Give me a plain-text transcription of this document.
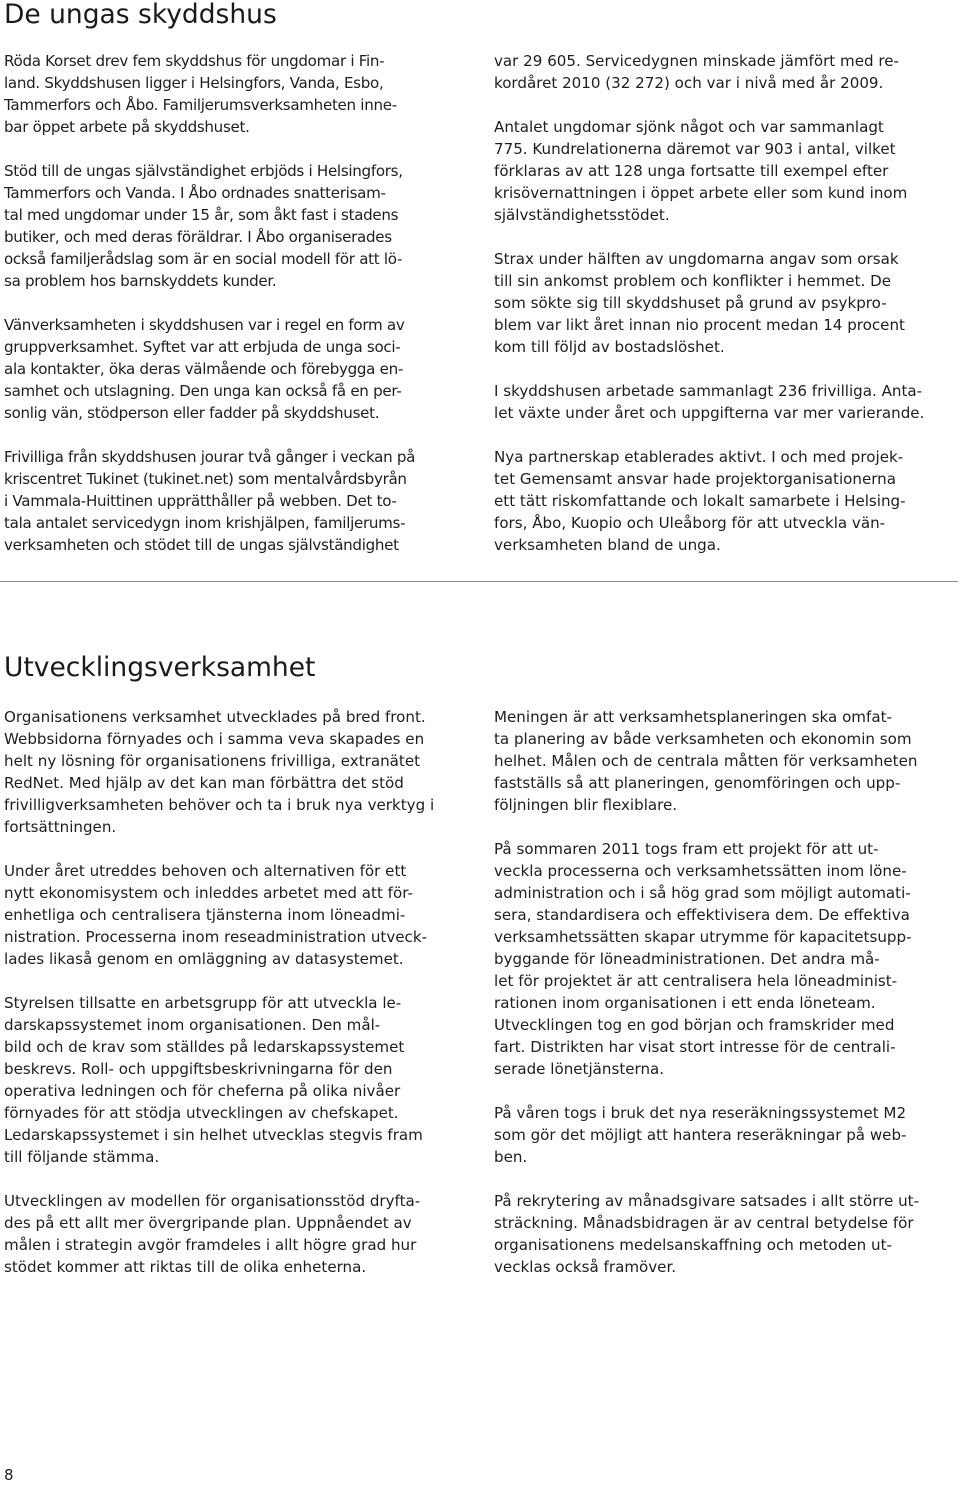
De ungas skyddshus

Röda Korset drev fem skyddshus för ungdomar i Fin-
land. Skyddshusen ligger i Helsingfors, Vanda, Esbo,
Tammerfors och Åbo. Familjerumsverksamheten inne-
bar öppet arbete på skyddshuset.

Stöd till de ungas självständighet erbjöds i Helsingfors,
Tammerfors och Vanda. I Åbo ordnades snatterisam-
tal med ungdomar under 15 år, som åkt fast i stadens
butiker, och med deras föräldrar. I Åbo organiserades
också familjerådslag som är en social modell för att lö-
sa problem hos barnskyddets kunder.

Vänverksamheten i skyddshusen var i regel en form av
gruppverksamhet. Syftet var att erbjuda de unga soci-
ala kontakter, öka deras välmående och förebygga en-
samhet och utslagning. Den unga kan också få en per-
sonlig vän, stödperson eller fadder på skyddshuset.

Frivilliga från skyddshusen jourar två gånger i veckan på
kriscentret Tukinet (tukinet.net) som mentalvårdsbyrån
i Vammala-Huittinen upprätthåller på webben. Det to-
tala antalet servicedygn inom krishjälpen, familjerums-
verksamheten och stödet till de ungas självständighet

var 29 605. Servicedygnen minskade jämfört med re-
kordåret 2010 (32 272) och var i nivå med år 2009.

Antalet ungdomar sjönk något och var sammanlagt
775. Kundrelationerna däremot var 903 i antal, vilket
förklaras av att 128 unga fortsatte till exempel efter
krisövernattningen i öppet arbete eller som kund inom
självständighetsstödet.

Strax under hälften av ungdomarna angav som orsak
till sin ankomst problem och konflikter i hemmet. De
som sökte sig till skyddshuset på grund av psykpro-
blem var likt året innan nio procent medan 14 procent
kom till följd av bostadslöshet.

I skyddshusen arbetade sammanlagt 236 frivilliga. Anta-
let växte under året och uppgifterna var mer varierande.

Nya partnerskap etablerades aktivt. I och med projek-
tet Gemensamt ansvar hade projektorganisationerna
ett tätt riskomfattande och lokalt samarbete i Helsing-
fors, Åbo, Kuopio och Uleåborg för att utveckla vän-
verksamheten bland de unga.

Utvecklingsverksamhet

Organisationens verksamhet utvecklades på bred front.
Webbsidorna förnyades och i samma veva skapades en
helt ny lösning för organisationens frivilliga, extranätet
RedNet. Med hjälp av det kan man förbättra det stöd
frivilligverksamheten behöver och ta i bruk nya verktyg i
fortsättningen.

Under året utreddes behoven och alternativen för ett
nytt ekonomisystem och inleddes arbetet med att för-
enhetliga och centralisera tjänsterna inom löneadmi-
nistration. Processerna inom reseadministration utveck-
lades likaså genom en omläggning av datasystemet.

Styrelsen tillsatte en arbetsgrupp för att utveckla le-
darskapssystemet inom organisationen. Den mål-
bild och de krav som ställdes på ledarskapssystemet
beskrevs. Roll- och uppgiftsbeskrivningarna för den
operativa ledningen och för cheferna på olika nivåer
förnyades för att stödja utvecklingen av chefskapet.
Ledarskapssystemet i sin helhet utvecklas stegvis fram
till följande stämma.

Utvecklingen av modellen för organisationsstöd dryfta-
des på ett allt mer övergripande plan. Uppnåendet av
målen i strategin avgör framdeles i allt högre grad hur
stödet kommer att riktas till de olika enheterna.

Meningen är att verksamhetsplaneringen ska omfat-
ta planering av både verksamheten och ekonomin som
helhet. Målen och de centrala måtten för verksamheten
fastställs så att planeringen, genomföringen och upp-
följningen blir flexiblare.

På sommaren 2011 togs fram ett projekt för att ut-
veckla processerna och verksamhetssätten inom löne-
administration och i så hög grad som möjligt automati-
sera, standardisera och effektivisera dem. De effektiva
verksamhetssätten skapar utrymme för kapacitetsupp-
byggande för löneadministrationen. Det andra må-
let för projektet är att centralisera hela löneadminist-
rationen inom organisationen i ett enda löneteam.
Utvecklingen tog en god början och framskrider med
fart. Distrikten har visat stort intresse för de centrali-
serade lönetjänsterna.

På våren togs i bruk det nya reseräkningssystemet M2
som gör det möjligt att hantera reseräkningar på web-
ben.

På rekrytering av månadsgivare satsades i allt större ut-
sträckning. Månadsbidragen är av central betydelse för
organisationens medelsanskaffning och metoden ut-
vecklas också framöver.

8
